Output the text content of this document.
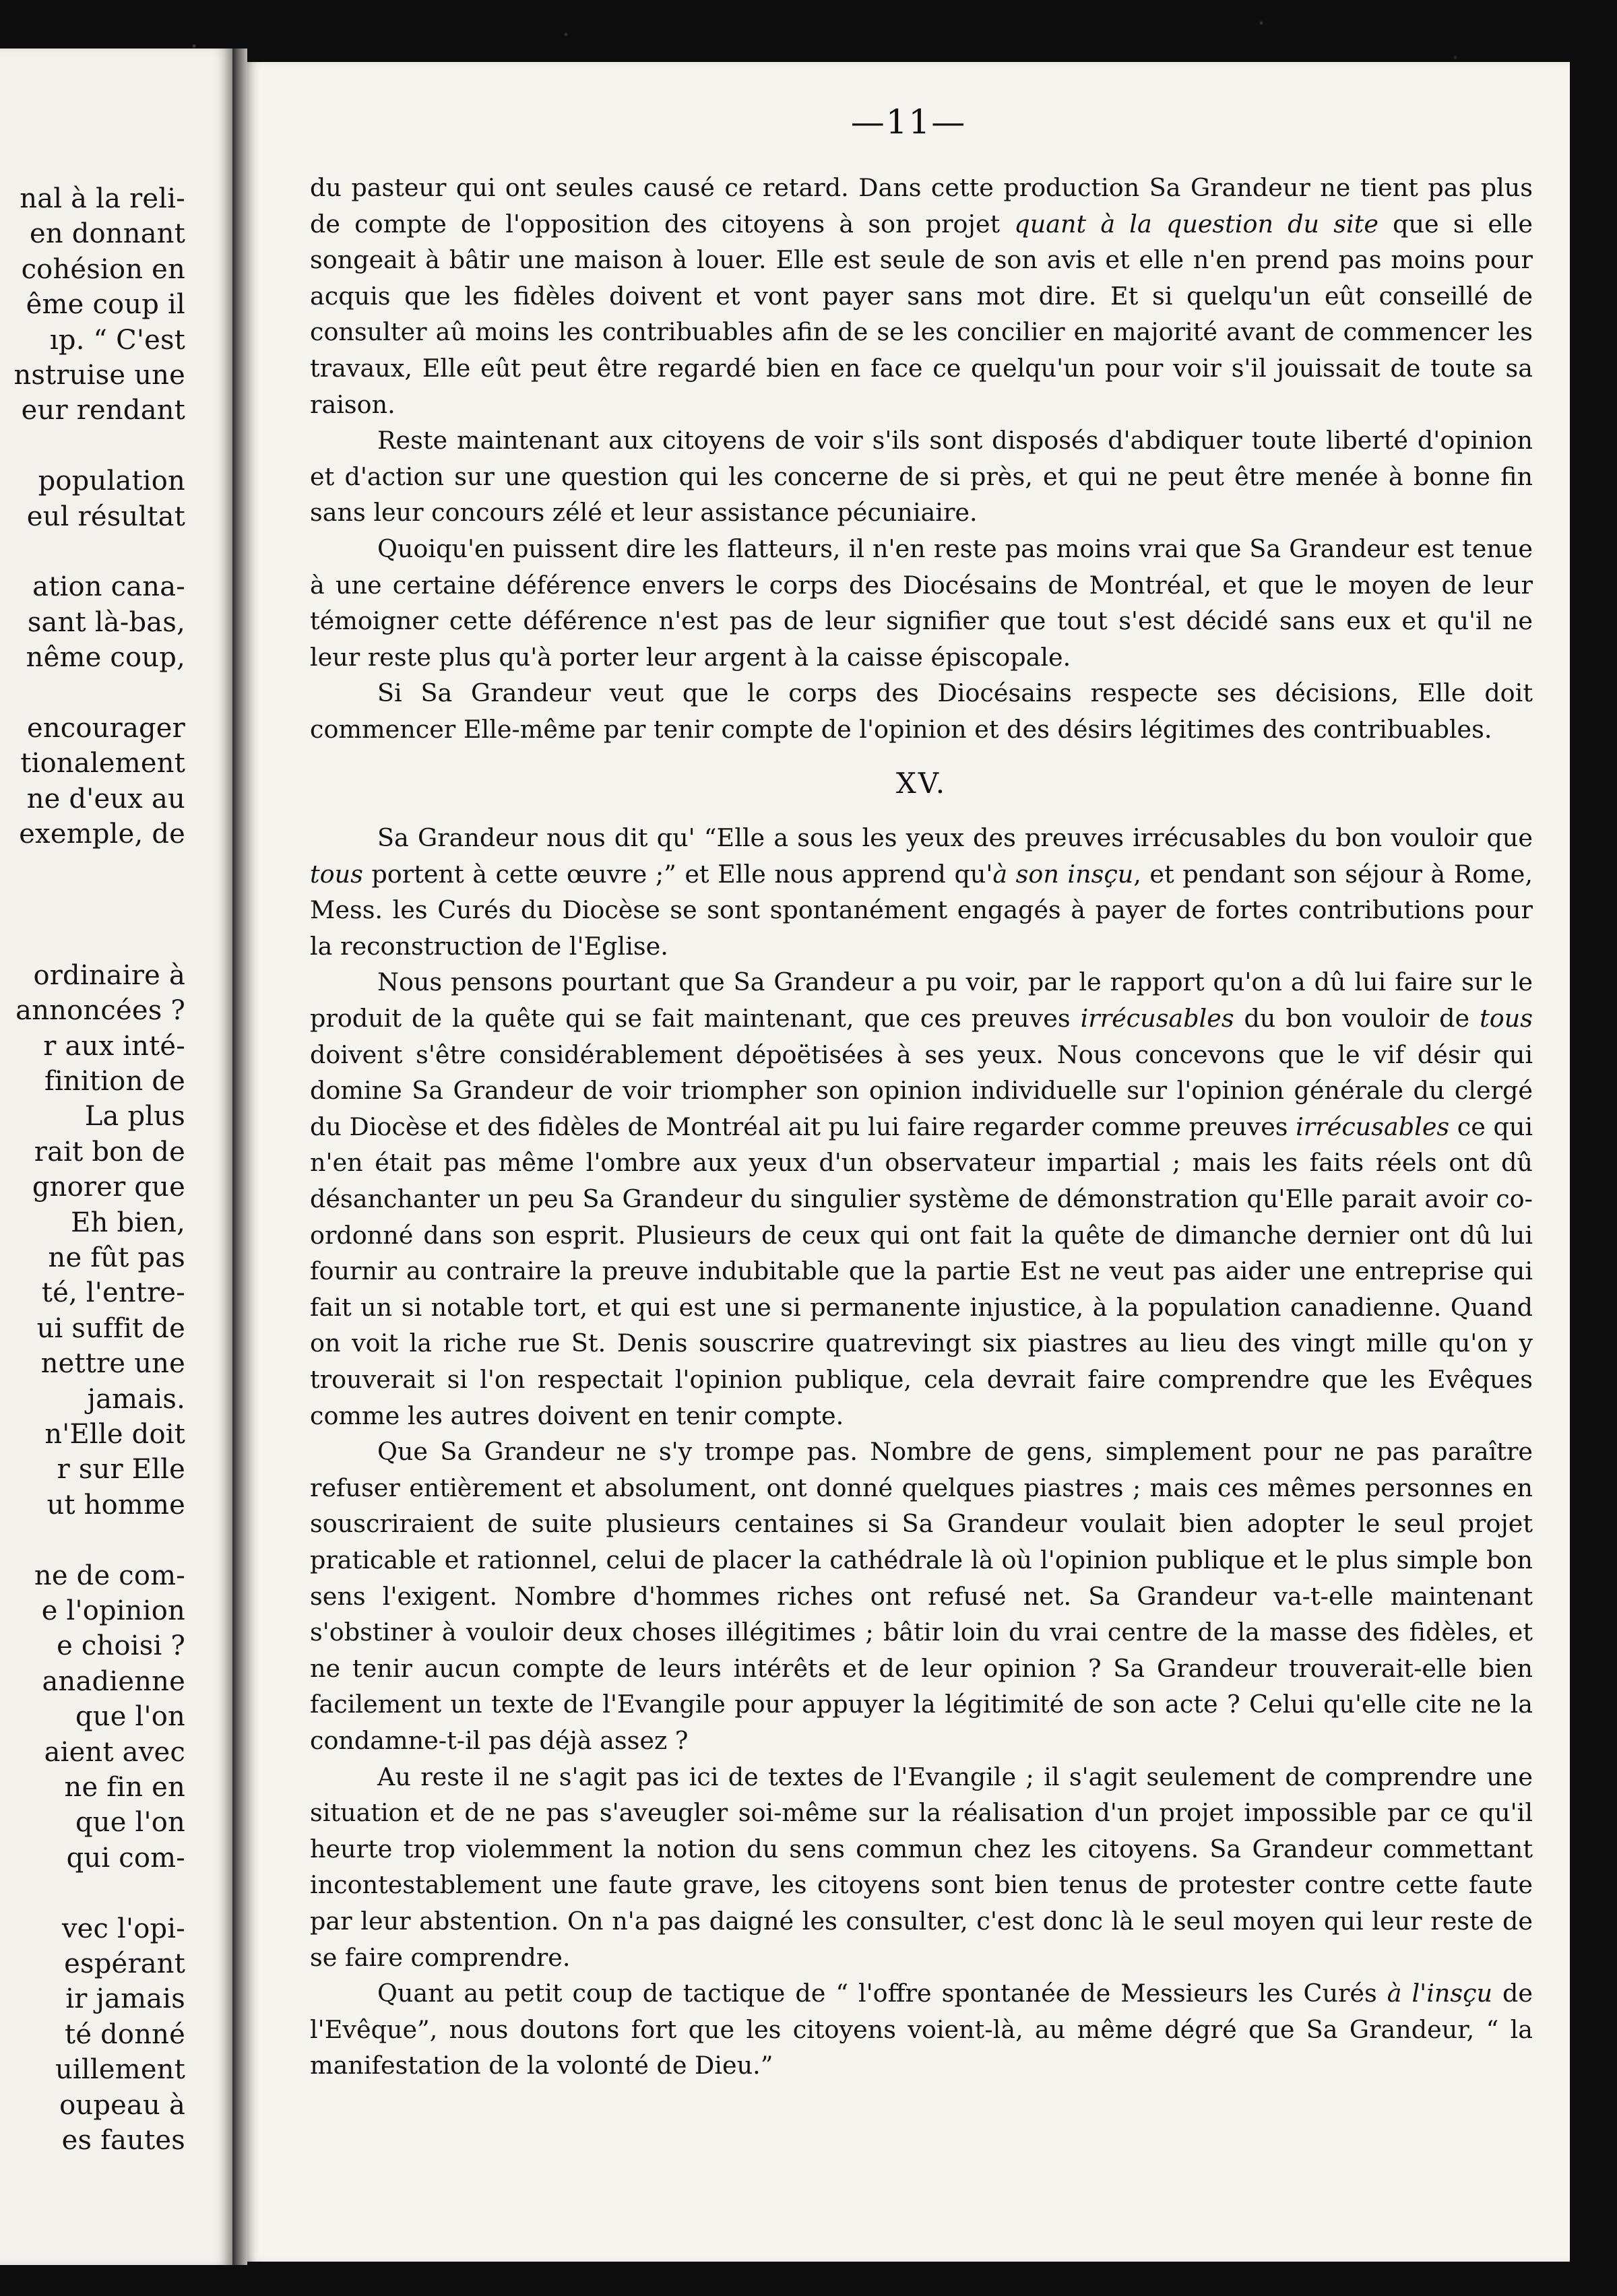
nal à la reli-
en donnant
cohésion en
ême coup il
ıp. “ C'est
nstruise une
eur rendant
population
eul résultat
ation cana-
sant là-bas,
nême coup,
encourager
tionalement
ne d'eux au
exemple, de
ordinaire à
annoncées ?
r aux inté-
finition de
La plus
rait bon de
gnorer que
Eh bien,
ne fût pas
té, l'entre-
ui suffit de
nettre une
jamais.
n'Elle doit
r sur Elle
ut homme
ne de com-
e l'opinion
e choisi ?
anadienne
que l'on
aient avec
ne fin en
que l'on
qui com-
vec l'opi-
espérant
ir jamais
té donné
uillement
oupeau à
es fautes
—11—

du pasteur qui ont seules causé ce retard. Dans cette production Sa Grandeur ne tient pas plus de compte de l'opposition des citoyens à son projet quant à la question du site que si elle songeait à bâtir une maison à louer. Elle est seule de son avis et elle n'en prend pas moins pour acquis que les fidèles doivent et vont payer sans mot dire. Et si quelqu'un eût conseillé de consulter aû moins les contribuables afin de se les concilier en majorité avant de commencer les travaux, Elle eût peut être regardé bien en face ce quelqu'un pour voir s'il jouissait de toute sa raison.

Reste maintenant aux citoyens de voir s'ils sont disposés d'abdiquer toute liberté d'opinion et d'action sur une question qui les concerne de si près, et qui ne peut être menée à bonne fin sans leur concours zélé et leur assistance pécuniaire.

Quoiqu'en puissent dire les flatteurs, il n'en reste pas moins vrai que Sa Grandeur est tenue à une certaine déférence envers le corps des Diocésains de Montréal, et que le moyen de leur témoigner cette déférence n'est pas de leur signifier que tout s'est décidé sans eux et qu'il ne leur reste plus qu'à porter leur argent à la caisse épiscopale.

Si Sa Grandeur veut que le corps des Diocésains respecte ses décisions, Elle doit commencer Elle-même par tenir compte de l'opinion et des désirs légitimes des contribuables.

XV.

Sa Grandeur nous dit qu' “Elle a sous les yeux des preuves irrécusables du bon vouloir que tous portent à cette œuvre ;” et Elle nous apprend qu'à son insçu, et pendant son séjour à Rome, Mess. les Curés du Diocèse se sont spontanément engagés à payer de fortes contributions pour la reconstruction de l'Eglise.

Nous pensons pourtant que Sa Grandeur a pu voir, par le rapport qu'on a dû lui faire sur le produit de la quête qui se fait maintenant, que ces preuves irrécusables du bon vouloir de tous doivent s'être considérablement dépoëtisées à ses yeux. Nous concevons que le vif désir qui domine Sa Grandeur de voir triompher son opinion individuelle sur l'opinion générale du clergé du Diocèse et des fidèles de Montréal ait pu lui faire regarder comme preuves irrécusables ce qui n'en était pas même l'ombre aux yeux d'un observateur impartial ; mais les faits réels ont dû désanchanter un peu Sa Grandeur du singulier système de démonstration qu'Elle parait avoir co-ordonné dans son esprit. Plusieurs de ceux qui ont fait la quête de dimanche dernier ont dû lui fournir au contraire la preuve indubitable que la partie Est ne veut pas aider une entreprise qui fait un si notable tort, et qui est une si permanente injustice, à la population canadienne. Quand on voit la riche rue St. Denis souscrire quatrevingt six piastres au lieu des vingt mille qu'on y trouverait si l'on respectait l'opinion publique, cela devrait faire comprendre que les Evêques comme les autres doivent en tenir compte.

Que Sa Grandeur ne s'y trompe pas. Nombre de gens, simplement pour ne pas paraître refuser entièrement et absolument, ont donné quelques piastres ; mais ces mêmes personnes en souscriraient de suite plusieurs centaines si Sa Grandeur voulait bien adopter le seul projet praticable et rationnel, celui de placer la cathédrale là où l'opinion publique et le plus simple bon sens l'exigent. Nombre d'hommes riches ont refusé net. Sa Grandeur va-t-elle maintenant s'obstiner à vouloir deux choses illégitimes ; bâtir loin du vrai centre de la masse des fidèles, et ne tenir aucun compte de leurs intérêts et de leur opinion ? Sa Grandeur trouverait-elle bien facilement un texte de l'Evangile pour appuyer la légitimité de son acte ? Celui qu'elle cite ne la condamne-t-il pas déjà assez ?

Au reste il ne s'agit pas ici de textes de l'Evangile ; il s'agit seulement de comprendre une situation et de ne pas s'aveugler soi-même sur la réalisation d'un projet impossible par ce qu'il heurte trop violemment la notion du sens commun chez les citoyens. Sa Grandeur commettant incontestablement une faute grave, les citoyens sont bien tenus de protester contre cette faute par leur abstention. On n'a pas daigné les consulter, c'est donc là le seul moyen qui leur reste de se faire comprendre.

Quant au petit coup de tactique de “ l'offre spontanée de Messieurs les Curés à l'insçu de l'Evêque”, nous doutons fort que les citoyens voient-là, au même dégré que Sa Grandeur, “ la manifestation de la volonté de Dieu.”
